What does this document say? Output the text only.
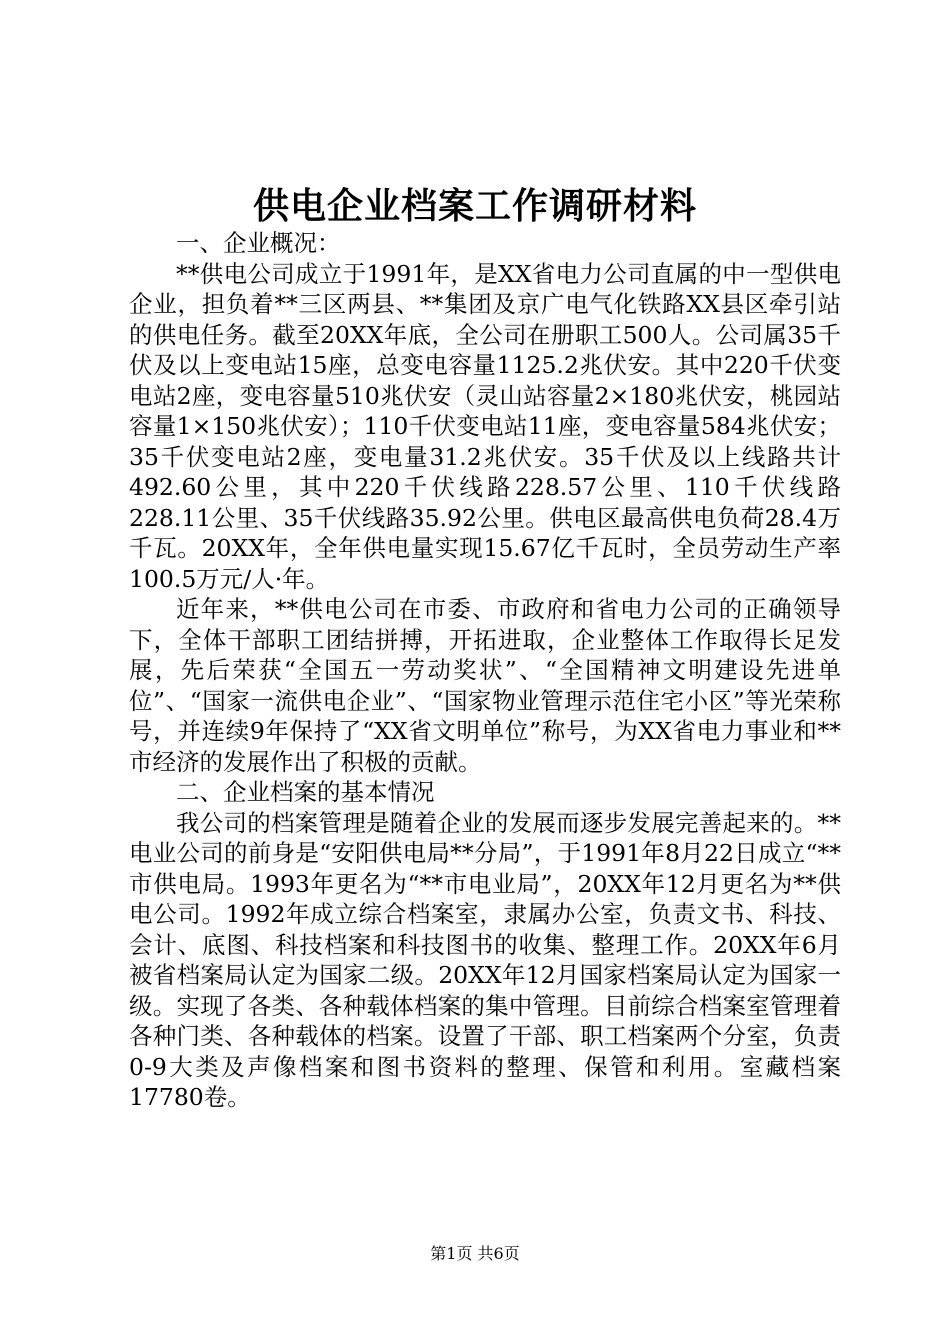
供电企业档案工作调研材料

一、企业概况：

**供电公司成立于1991年，是XX省电力公司直属的中一型供电企业，担负着**三区两县、**集团及京广电气化铁路XX县区牵引站的供电任务。截至20XX年底，全公司在册职工500人。公司属35千伏及以上变电站15座，总变电容量1125.2兆伏安。其中220千伏变电站2座，变电容量510兆伏安（灵山站容量2×180兆伏安，桃园站容量1×150兆伏安）；110千伏变电站11座，变电容量584兆伏安；35千伏变电站2座，变电量31.2兆伏安。35千伏及以上线路共计492.60公里，其中220千伏线路228.57公里、110千伏线路228.11公里、35千伏线路35.92公里。供电区最高供电负荷28.4万千瓦。20XX年，全年供电量实现15.67亿千瓦时，全员劳动生产率100.5万元/人·年。

近年来，**供电公司在市委、市政府和省电力公司的正确领导下，全体干部职工团结拼搏，开拓进取，企业整体工作取得长足发展，先后荣获“全国五一劳动奖状”、“全国精神文明建设先进单位”、“国家一流供电企业”、“国家物业管理示范住宅小区”等光荣称号，并连续9年保持了“XX省文明单位”称号，为XX省电力事业和**市经济的发展作出了积极的贡献。

二、企业档案的基本情况

我公司的档案管理是随着企业的发展而逐步发展完善起来的。**电业公司的前身是“安阳供电局**分局”，于1991年8月22日成立“**市供电局。1993年更名为“**市电业局”，20XX年12月更名为**供电公司。1992年成立综合档案室，隶属办公室，负责文书、科技、会计、底图、科技档案和科技图书的收集、整理工作。20XX年6月被省档案局认定为国家二级。20XX年12月国家档案局认定为国家一级。实现了各类、各种载体档案的集中管理。目前综合档案室管理着各种门类、各种载体的档案。设置了干部、职工档案两个分室，负责0-9大类及声像档案和图书资料的整理、保管和利用。室藏档案17780卷。

第1页 共6页
